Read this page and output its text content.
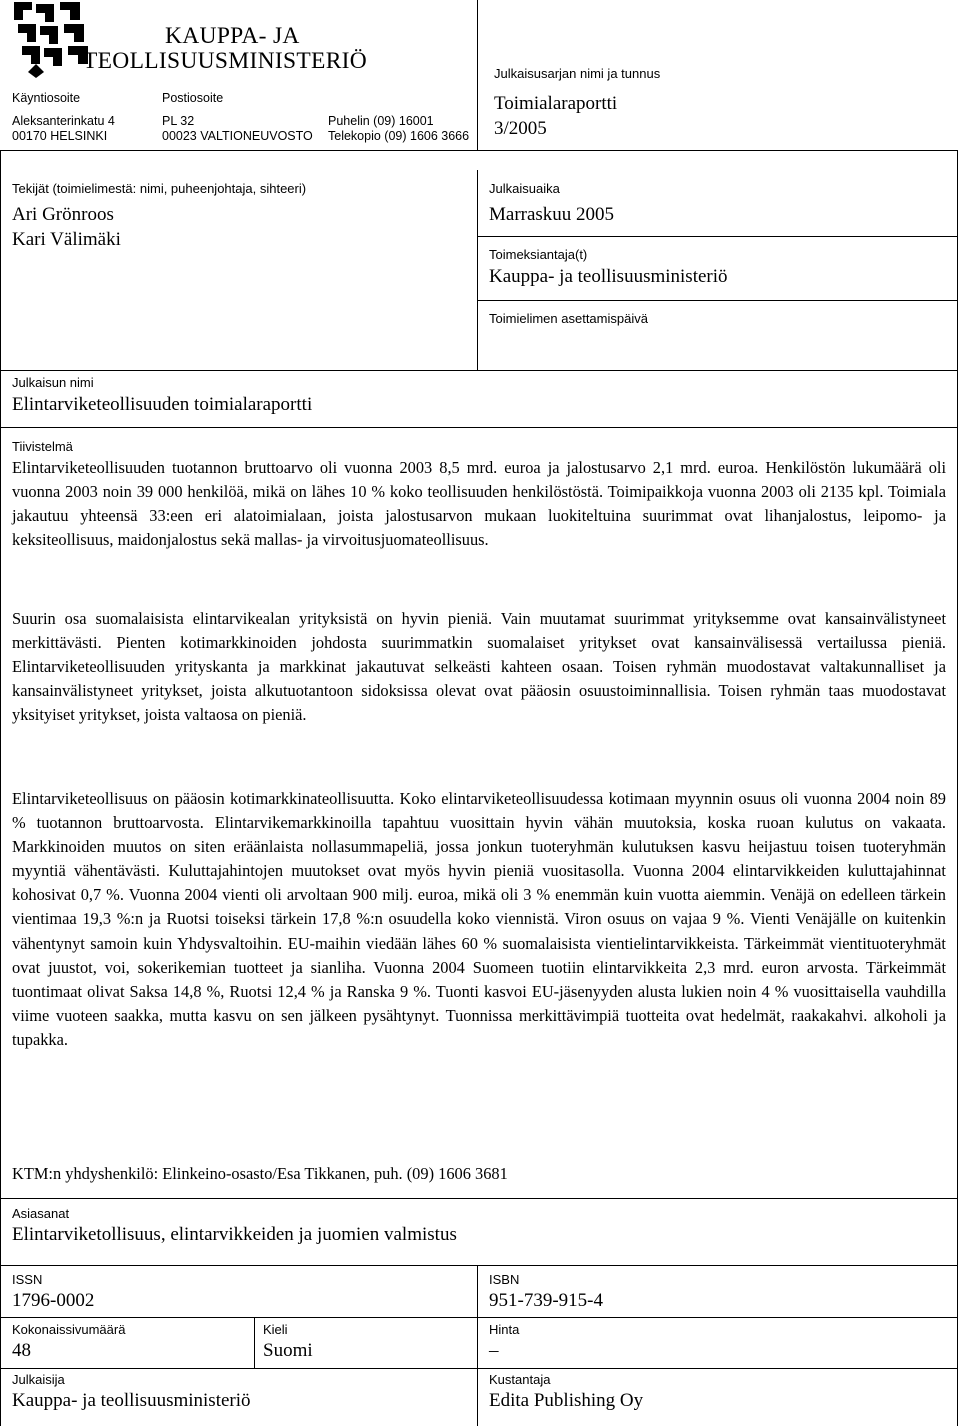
KAUPPA- JA
TEOLLISUUSMINISTERIÖ
Käyntiosoite
Aleksanterinkatu 4
00170 HELSINKI
Postiosoite
PL 32
00023 VALTIONEUVOSTO
Puhelin (09) 16001
Telekopio (09) 1606 3666
Julkaisusarjan nimi ja tunnus
Toimialaraportti
3/2005
Tekijät (toimielimestä: nimi, puheenjohtaja, sihteeri)
Ari Grönroos
Kari Välimäki
Julkaisuaika
Marraskuu 2005
Toimeksiantaja(t)
Kauppa- ja teollisuusministeriö
Toimielimen asettamispäivä
Julkaisun nimi
Elintarviketeollisuuden toimialaraportti
Tiivistelmä

Elintarviketeollisuuden tuotannon bruttoarvo oli vuonna 2003 8,5 mrd. euroa ja jalostusarvo 2,1 mrd. euroa. Henkilöstön lukumäärä oli vuonna 2003 noin 39 000 henkilöä, mikä on lähes 10 % koko teollisuuden henkilöstöstä. Toimipaikkoja vuonna 2003 oli 2135 kpl. Toimiala jakautuu yhteensä 33:een eri alatoimialaan, joista jalostusarvon mukaan luokiteltuina suurimmat ovat lihanjalostus, leipomo- ja keksiteollisuus, maidonjalostus sekä mallas- ja virvoitusjuomateollisuus.

Suurin osa suomalaisista elintarvikealan yrityksistä on hyvin pieniä. Vain muutamat suurimmat yrityksemme ovat kansainvälistyneet merkittävästi. Pienten kotimarkkinoiden johdosta suurimmatkin suomalaiset yritykset ovat kansainvälisessä vertailussa pieniä. Elintarviketeollisuuden yrityskanta ja markkinat jakautuvat selkeästi kahteen osaan. Toisen ryhmän muodostavat valtakunnalliset ja kansainvälistyneet yritykset, joista alkutuotantoon sidoksissa olevat ovat pääosin osuustoiminnallisia. Toisen ryhmän taas muodostavat yksityiset yritykset, joista valtaosa on pieniä.

Elintarviketeollisuus on pääosin kotimarkkinateollisuutta. Koko elintarviketeollisuudessa kotimaan myynnin osuus oli vuonna 2004 noin 89 % tuotannon bruttoarvosta. Elintarvikemarkkinoilla tapahtuu vuosittain hyvin vähän muutoksia, koska ruoan kulutus on vakaata. Markkinoiden muutos on siten eräänlaista nollasummapeliä, jossa jonkun tuoteryhmän kulutuksen kasvu heijastuu toisen tuoteryhmän myyntiä vähentävästi. Kuluttajahintojen muutokset ovat myös hyvin pieniä vuositasolla. Vuonna 2004 elintarvikkeiden kuluttajahinnat kohosivat 0,7 %. Vuonna 2004 vienti oli arvoltaan 900 milj. euroa, mikä oli 3 % enemmän kuin vuotta aiemmin. Venäjä on edelleen tärkein vientimaa 19,3 %:n ja Ruotsi toiseksi tärkein 17,8 %:n osuudella koko viennistä. Viron osuus on vajaa 9 %. Vienti Venäjälle on kuitenkin vähentynyt samoin kuin Yhdysvaltoihin. EU-maihin viedään lähes 60 % suomalaisista vientielintarvikkeista. Tärkeimmät vientituoteryhmät ovat juustot, voi, sokerikemian tuotteet ja sianliha. Vuonna 2004 Suomeen tuotiin elintarvikkeita 2,3 mrd. euron arvosta. Tärkeimmät tuontimaat olivat Saksa 14,8 %, Ruotsi 12,4 % ja Ranska 9 %. Tuonti kasvoi EU-jäsenyyden alusta lukien noin 4 % vuosittaisella vauhdilla viime vuoteen saakka, mutta kasvu on sen jälkeen pysähtynyt. Tuonnissa merkittävimpiä tuotteita ovat hedelmät, raakakahvi. alkoholi ja tupakka.

KTM:n yhdyshenkilö: Elinkeino-osasto/Esa Tikkanen, puh. (09) 1606 3681

Asiasanat
Elintarviketollisuus, elintarvikkeiden ja juomien valmistus
ISSN
1796-0002
ISBN
951-739-915-4
Kokonaissivumäärä
48
Kieli
Suomi
Hinta
–
Julkaisija
Kauppa- ja teollisuusministeriö
Kustantaja
Edita Publishing Oy
